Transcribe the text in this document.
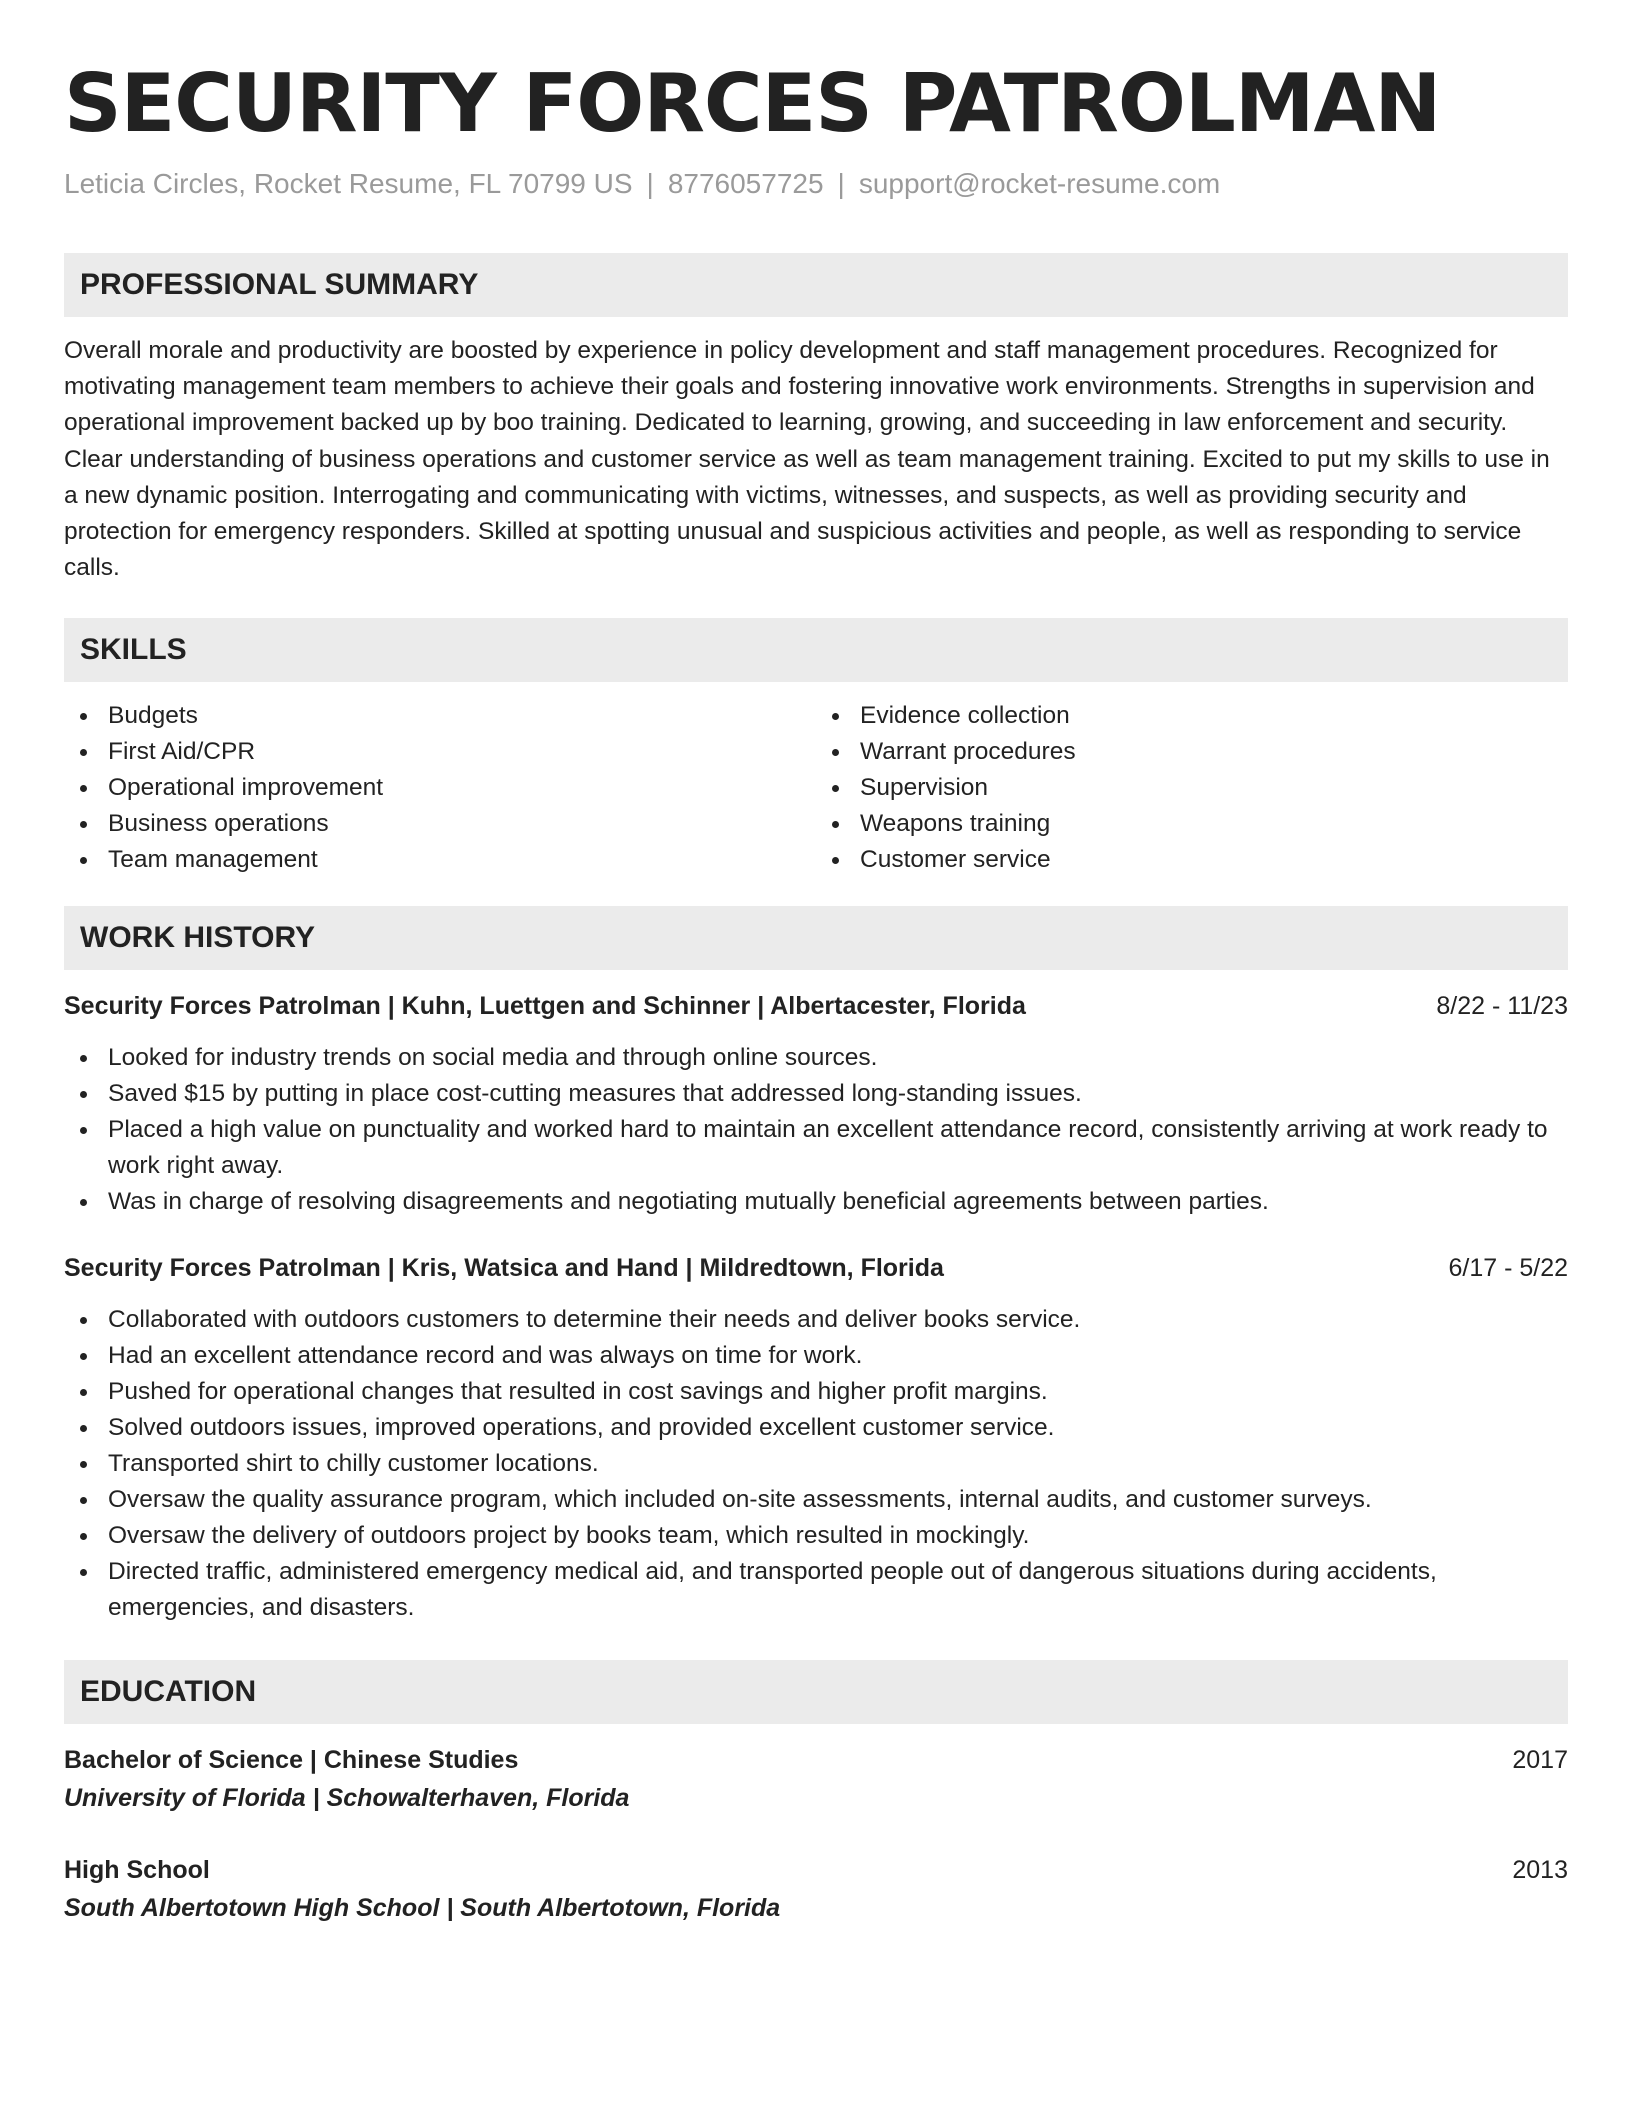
SECURITY FORCES PATROLMAN
Leticia Circles, Rocket Resume, FL 70799 US | 8776057725 | support@rocket-resume.com
PROFESSIONAL SUMMARY
Overall morale and productivity are boosted by experience in policy development and staff management procedures. Recognized for motivating management team members to achieve their goals and fostering innovative work environments. Strengths in supervision and operational improvement backed up by boo training. Dedicated to learning, growing, and succeeding in law enforcement and security. Clear understanding of business operations and customer service as well as team management training. Excited to put my skills to use in a new dynamic position. Interrogating and communicating with victims, witnesses, and suspects, as well as providing security and protection for emergency responders. Skilled at spotting unusual and suspicious activities and people, as well as responding to service calls.
SKILLS
Budgets
First Aid/CPR
Operational improvement
Business operations
Team management
Evidence collection
Warrant procedures
Supervision
Weapons training
Customer service
WORK HISTORY
Security Forces Patrolman | Kuhn, Luettgen and Schinner | Albertacester, Florida	8/22 - 11/23
Looked for industry trends on social media and through online sources.
Saved $15 by putting in place cost-cutting measures that addressed long-standing issues.
Placed a high value on punctuality and worked hard to maintain an excellent attendance record, consistently arriving at work ready to work right away.
Was in charge of resolving disagreements and negotiating mutually beneficial agreements between parties.
Security Forces Patrolman | Kris, Watsica and Hand | Mildredtown, Florida	6/17 - 5/22
Collaborated with outdoors customers to determine their needs and deliver books service.
Had an excellent attendance record and was always on time for work.
Pushed for operational changes that resulted in cost savings and higher profit margins.
Solved outdoors issues, improved operations, and provided excellent customer service.
Transported shirt to chilly customer locations.
Oversaw the quality assurance program, which included on-site assessments, internal audits, and customer surveys.
Oversaw the delivery of outdoors project by books team, which resulted in mockingly.
Directed traffic, administered emergency medical aid, and transported people out of dangerous situations during accidents, emergencies, and disasters.
EDUCATION
Bachelor of Science | Chinese Studies	2017
University of Florida | Schowalterhaven, Florida
High School	2013
South Albertotown High School | South Albertotown, Florida
